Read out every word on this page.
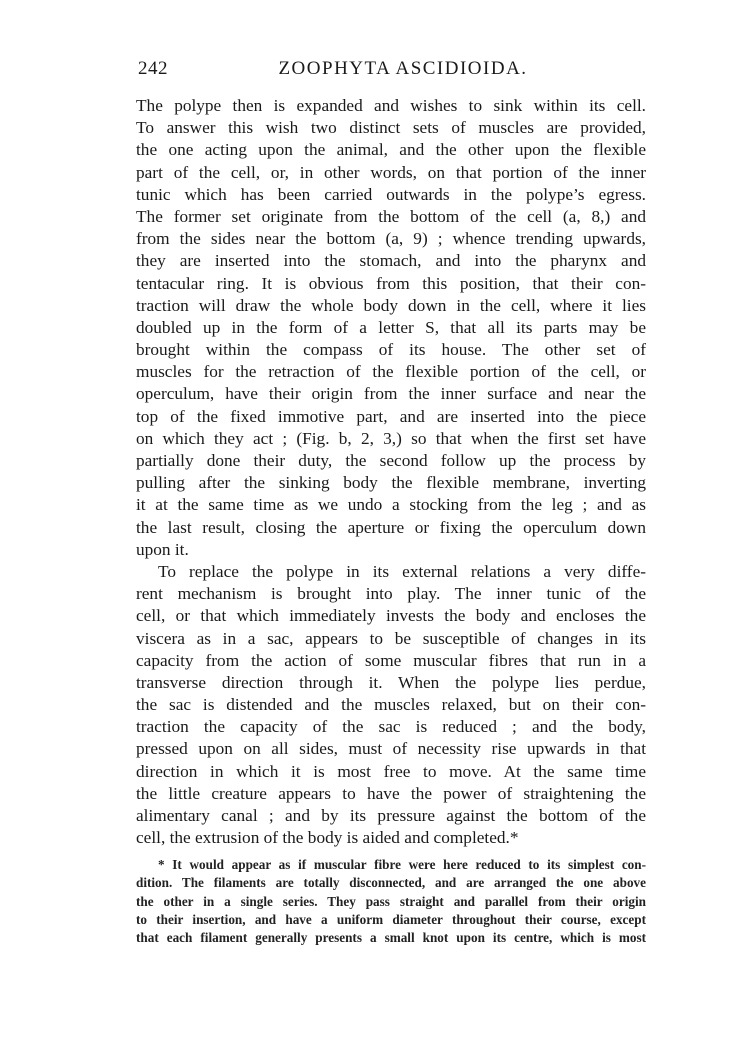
242	ZOOPHYTA ASCIDIOIDA.
The polype then is expanded and wishes to sink within its cell.
To answer this wish two distinct sets of muscles are provided,
the one acting upon the animal, and the other upon the flexible
part of the cell, or, in other words, on that portion of the inner
tunic which has been carried outwards in the polype’s egress.
The former set originate from the bottom of the cell (a, 8,) and
from the sides near the bottom (a, 9) ; whence trending upwards,
they are inserted into the stomach, and into the pharynx and
tentacular ring. It is obvious from this position, that their con-
traction will draw the whole body down in the cell, where it lies
doubled up in the form of a letter S, that all its parts may be
brought within the compass of its house. The other set of
muscles for the retraction of the flexible portion of the cell, or
operculum, have their origin from the inner surface and near the
top of the fixed immotive part, and are inserted into the piece
on which they act ; (Fig. b, 2, 3,) so that when the first set have
partially done their duty, the second follow up the process by
pulling after the sinking body the flexible membrane, inverting
it at the same time as we undo a stocking from the leg ; and as
the last result, closing the aperture or fixing the operculum down
upon it.
To replace the polype in its external relations a very diffe-
rent mechanism is brought into play. The inner tunic of the
cell, or that which immediately invests the body and encloses the
viscera as in a sac, appears to be susceptible of changes in its
capacity from the action of some muscular fibres that run in a
transverse direction through it. When the polype lies perdue,
the sac is distended and the muscles relaxed, but on their con-
traction the capacity of the sac is reduced ; and the body,
pressed upon on all sides, must of necessity rise upwards in that
direction in which it is most free to move. At the same time
the little creature appears to have the power of straightening the
alimentary canal ; and by its pressure against the bottom of the
cell, the extrusion of the body is aided and completed.*
* It would appear as if muscular fibre were here reduced to its simplest con-
dition. The filaments are totally disconnected, and are arranged the one above
the other in a single series. They pass straight and parallel from their origin
to their insertion, and have a uniform diameter throughout their course, except
that each filament generally presents a small knot upon its centre, which is most
